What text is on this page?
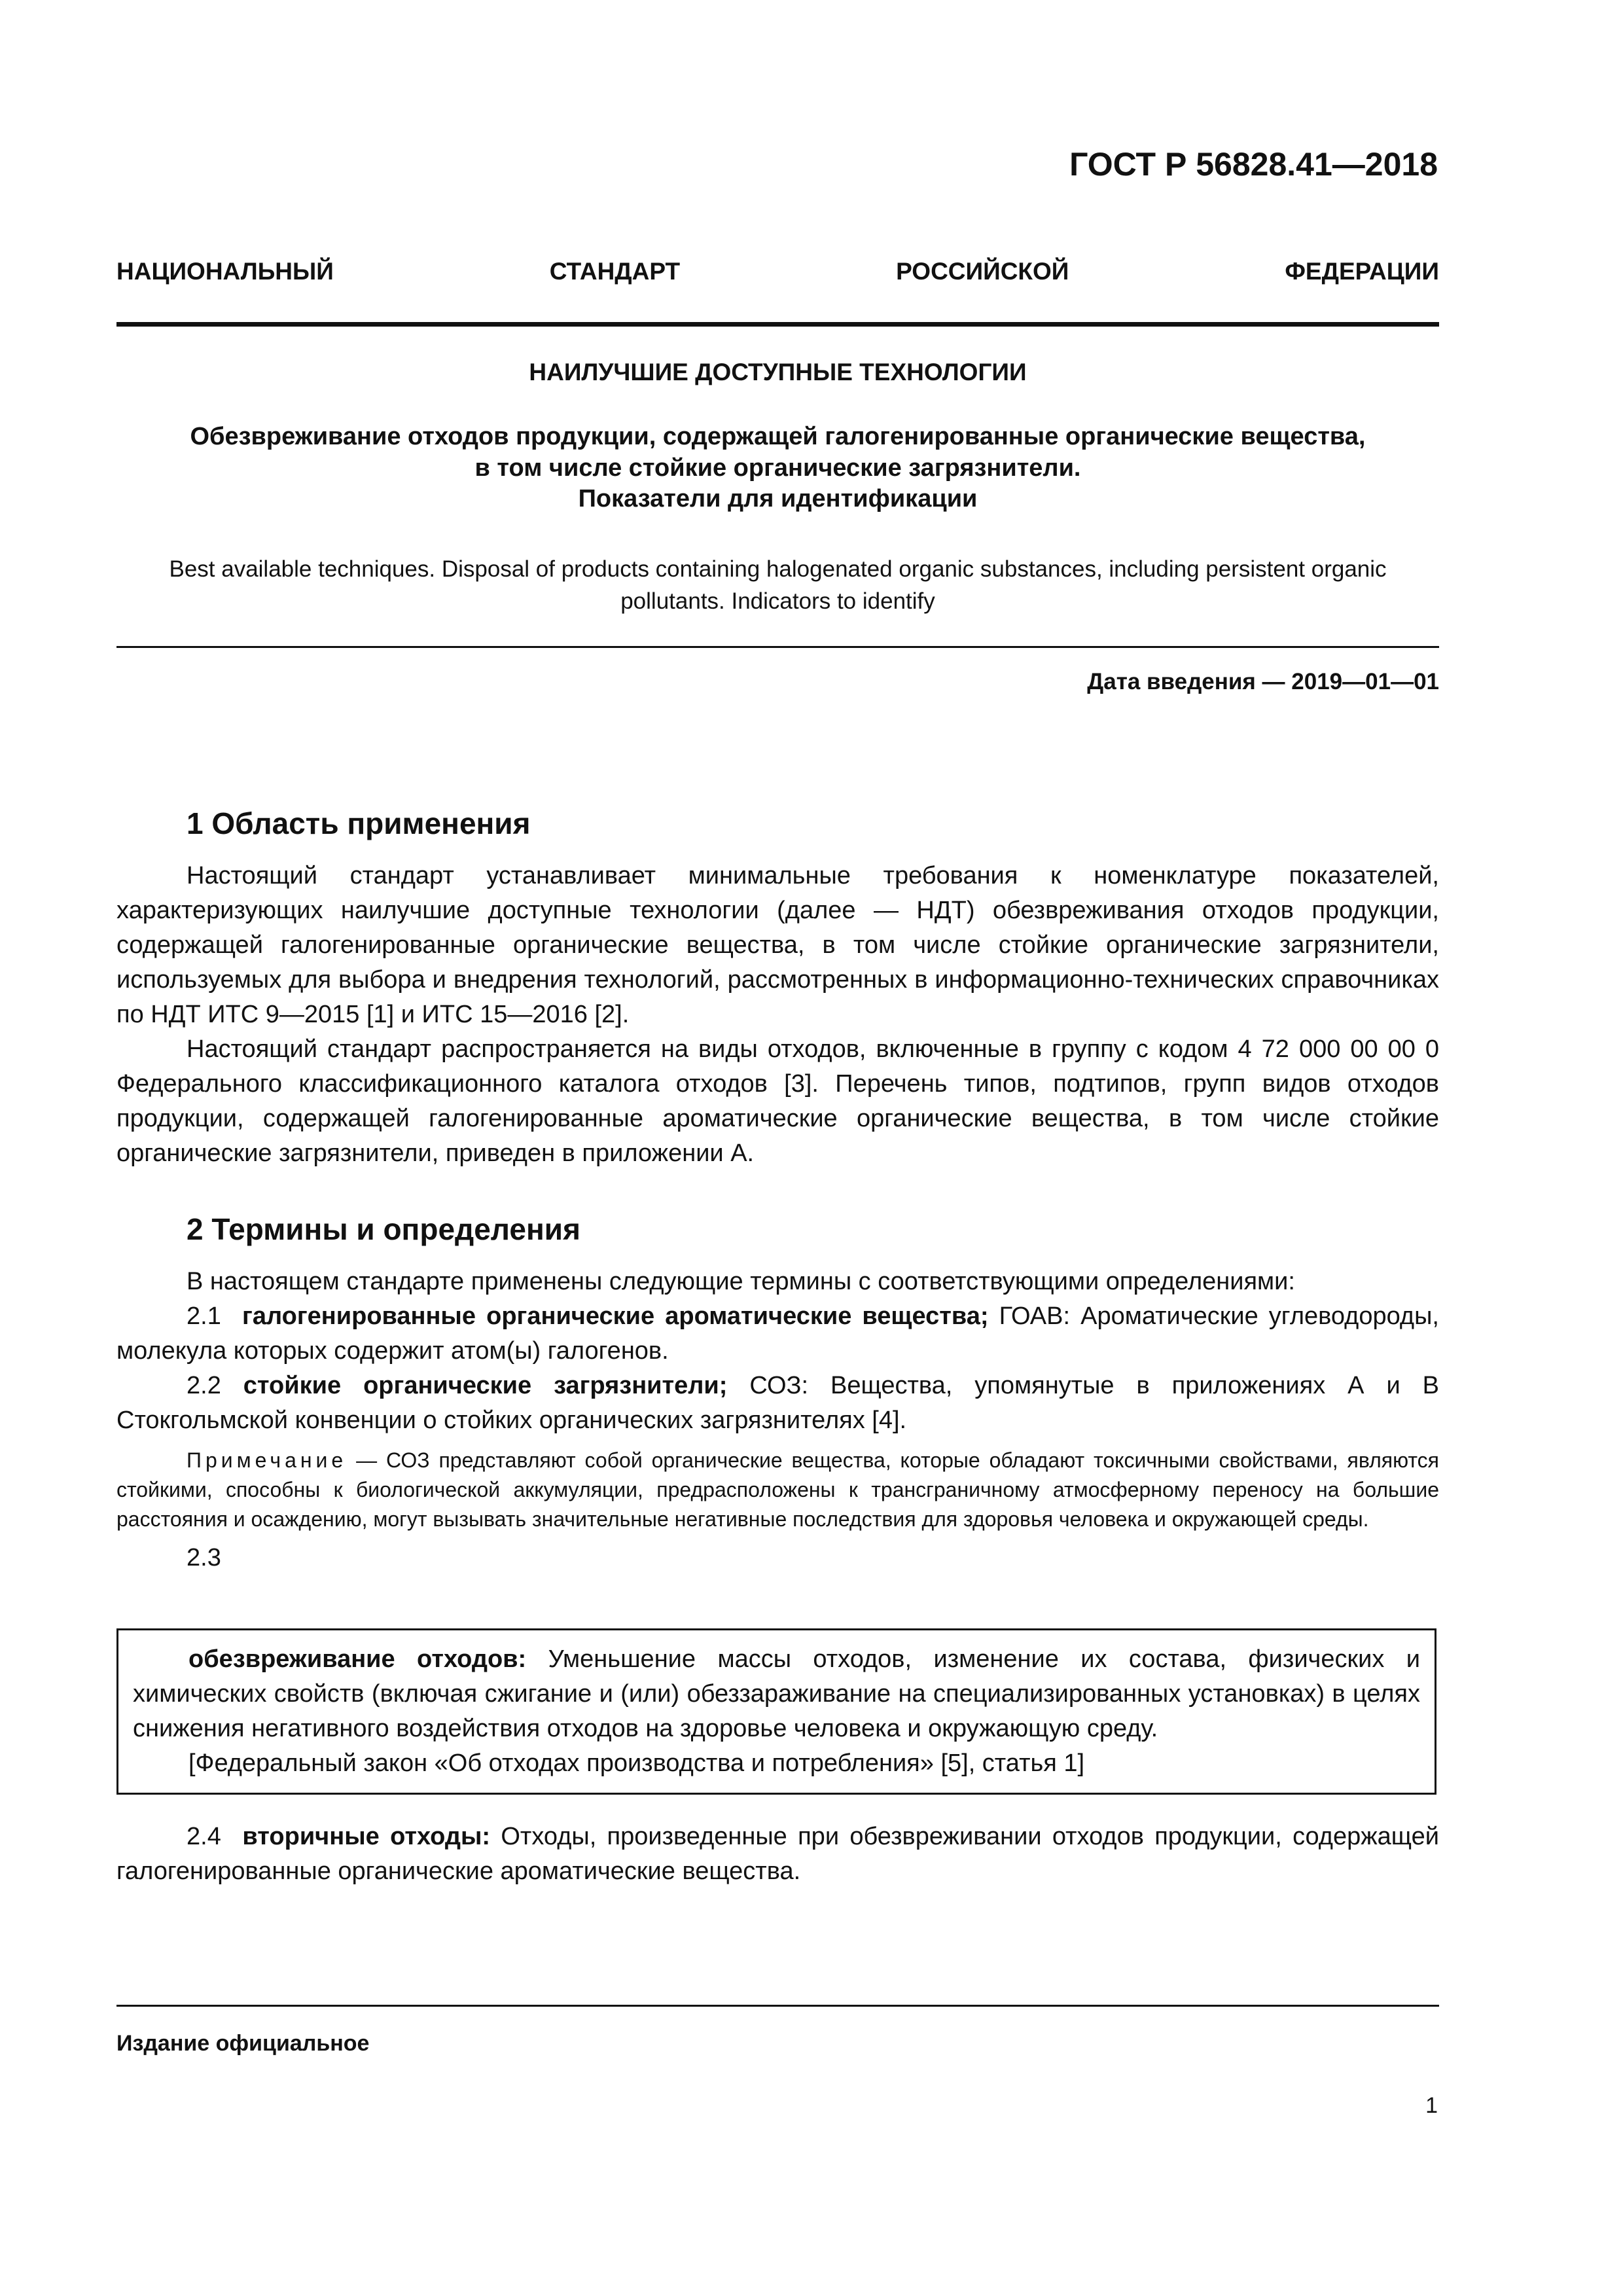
ГОСТ Р 56828.41—2018
НАЦИОНАЛЬНЫЙ СТАНДАРТ РОССИЙСКОЙ ФЕДЕРАЦИИ
НАИЛУЧШИЕ ДОСТУПНЫЕ ТЕХНОЛОГИИ
Обезвреживание отходов продукции, содержащей галогенированные органические вещества,
в том числе стойкие органические загрязнители.
Показатели для идентификации
Best available techniques. Disposal of products containing halogenated organic substances, including persistent organic
pollutants. Indicators to identify
Дата введения — 2019—01—01
1 Область применения

Настоящий стандарт устанавливает минимальные требования к номенклатуре показателей, характеризующих наилучшие доступные технологии (далее — НДТ) обезвреживания отходов продукции, содержащей галогенированные органические вещества, в том числе стойкие органические загрязнители, используемых для выбора и внедрения технологий, рассмотренных в информационно-технических справочниках по НДТ ИТС 9—2015 [1] и ИТС 15—2016 [2].

Настоящий стандарт распространяется на виды отходов, включенные в группу с кодом 4 72 000 00 00 0 Федерального классификационного каталога отходов [3]. Перечень типов, подтипов, групп видов отходов продукции, содержащей галогенированные ароматические органические вещества, в том числе стойкие органические загрязнители, приведен в приложении А.

2 Термины и определения

В настоящем стандарте применены следующие термины с соответствующими определениями:

2.1 галогенированные органические ароматические вещества; ГОАВ: Ароматические углеводороды, молекула которых содержит атом(ы) галогенов.

2.2 стойкие органические загрязнители; СОЗ: Вещества, упомянутые в приложениях А и В Стокгольмской конвенции о стойких органических загрязнителях [4].

Примечание — СОЗ представляют собой органические вещества, которые обладают токсичными свойствами, являются стойкими, способны к биологической аккумуляции, предрасположены к трансграничному атмосферному переносу на большие расстояния и осаждению, могут вызывать значительные негативные последствия для здоровья человека и окружающей среды.

2.3

обезвреживание отходов: Уменьшение массы отходов, изменение их состава, физических и химических свойств (включая сжигание и (или) обеззараживание на специализированных установках) в целях снижения негативного воздействия отходов на здоровье человека и окружающую среду.

[Федеральный закон «Об отходах производства и потребления» [5], статья 1]

2.4 вторичные отходы: Отходы, произведенные при обезвреживании отходов продукции, содержащей галогенированные органические ароматические вещества.

Издание официальное
1
